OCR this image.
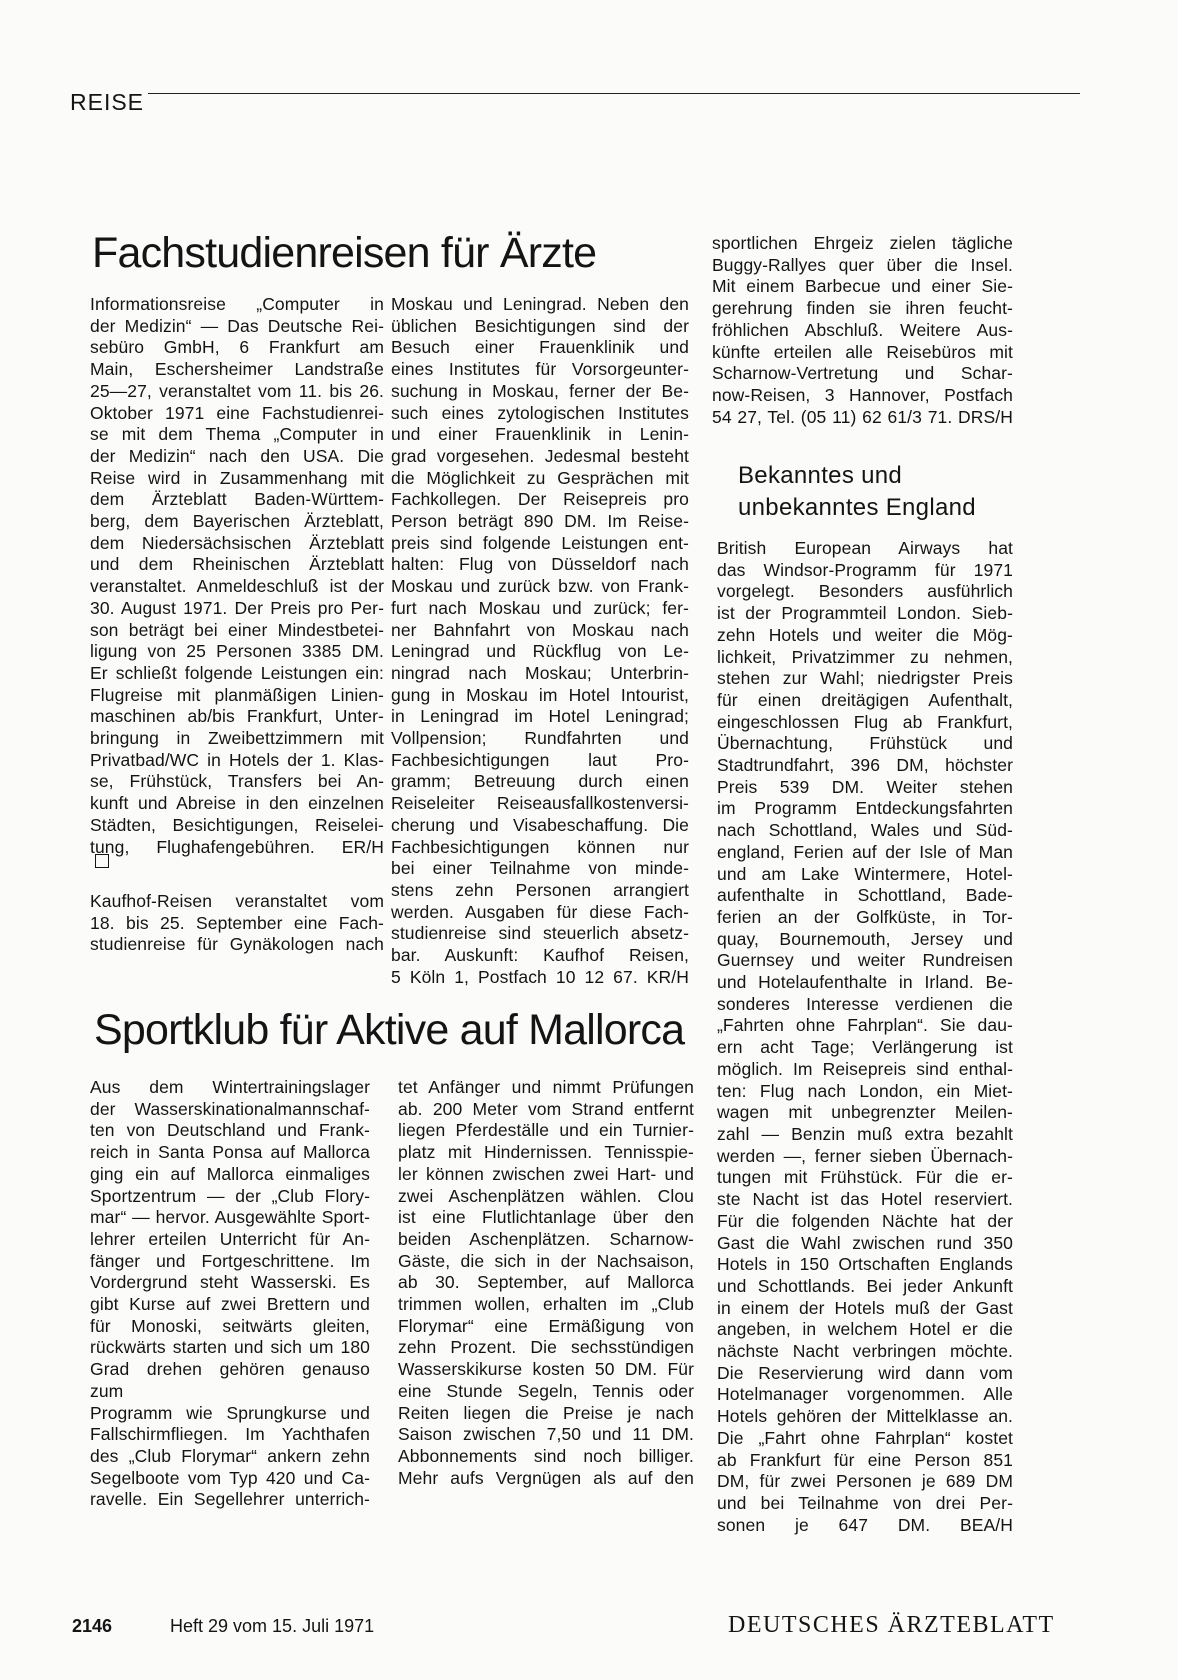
REISE
Fachstudienreisen für Ärzte
Informationsreise „Computer in
der Medizin“ — Das Deutsche Rei-
sebüro GmbH, 6 Frankfurt am
Main, Eschersheimer Landstraße
25—27, veranstaltet vom 11. bis 26.
Oktober 1971 eine Fachstudienrei-
se mit dem Thema „Computer in
der Medizin“ nach den USA. Die
Reise wird in Zusammenhang mit
dem Ärzteblatt Baden-Württem-
berg, dem Bayerischen Ärzteblatt,
dem Niedersächsischen Ärzteblatt
und dem Rheinischen Ärzteblatt
veranstaltet. Anmeldeschluß ist der
30. August 1971. Der Preis pro Per-
son beträgt bei einer Mindestbetei-
ligung von 25 Personen 3385 DM.
Er schließt folgende Leistungen ein:
Flugreise mit planmäßigen Linien-
maschinen ab/bis Frankfurt, Unter-
bringung in Zweibettzimmern mit
Privatbad/WC in Hotels der 1. Klas-
se, Frühstück, Transfers bei An-
kunft und Abreise in den einzelnen
Städten, Besichtigungen, Reiselei-
tung, Flughafengebühren. ER/H
Kaufhof-Reisen veranstaltet vom
18. bis 25. September eine Fach-
studienreise für Gynäkologen nach
Moskau und Leningrad. Neben den
üblichen Besichtigungen sind der
Besuch einer Frauenklinik und
eines Institutes für Vorsorgeunter-
suchung in Moskau, ferner der Be-
such eines zytologischen Institutes
und einer Frauenklinik in Lenin-
grad vorgesehen. Jedesmal besteht
die Möglichkeit zu Gesprächen mit
Fachkollegen. Der Reisepreis pro
Person beträgt 890 DM. Im Reise-
preis sind folgende Leistungen ent-
halten: Flug von Düsseldorf nach
Moskau und zurück bzw. von Frank-
furt nach Moskau und zurück; fer-
ner Bahnfahrt von Moskau nach
Leningrad und Rückflug von Le-
ningrad nach Moskau; Unterbrin-
gung in Moskau im Hotel Intourist,
in Leningrad im Hotel Leningrad;
Vollpension; Rundfahrten und
Fachbesichtigungen laut Pro-
gramm; Betreuung durch einen
Reiseleiter Reiseausfallkostenversi-
cherung und Visabeschaffung. Die
Fachbesichtigungen können nur
bei einer Teilnahme von minde-
stens zehn Personen arrangiert
werden. Ausgaben für diese Fach-
studienreise sind steuerlich absetz-
bar. Auskunft: Kaufhof Reisen,
5 Köln 1, Postfach 10 12 67. KR/H
Sportklub für Aktive auf Mallorca
Aus dem Wintertrainingslager
der Wasserskinationalmannschaf-
ten von Deutschland und Frank-
reich in Santa Ponsa auf Mallorca
ging ein auf Mallorca einmaliges
Sportzentrum — der „Club Flory-
mar“ — hervor. Ausgewählte Sport-
lehrer erteilen Unterricht für An-
fänger und Fortgeschrittene. Im
Vordergrund steht Wasserski. Es
gibt Kurse auf zwei Brettern und
für Monoski, seitwärts gleiten,
rückwärts starten und sich um 180
Grad drehen gehören genauso zum
Programm wie Sprungkurse und
Fallschirmfliegen. Im Yachthafen
des „Club Florymar“ ankern zehn
Segelboote vom Typ 420 und Ca-
ravelle. Ein Segellehrer unterrich-
tet Anfänger und nimmt Prüfungen
ab. 200 Meter vom Strand entfernt
liegen Pferdeställe und ein Turnier-
platz mit Hindernissen. Tennisspie-
ler können zwischen zwei Hart- und
zwei Aschenplätzen wählen. Clou
ist eine Flutlichtanlage über den
beiden Aschenplätzen. Scharnow-
Gäste, die sich in der Nachsaison,
ab 30. September, auf Mallorca
trimmen wollen, erhalten im „Club
Florymar“ eine Ermäßigung von
zehn Prozent. Die sechsstündigen
Wasserskikurse kosten 50 DM. Für
eine Stunde Segeln, Tennis oder
Reiten liegen die Preise je nach
Saison zwischen 7,50 und 11 DM.
Abbonnements sind noch billiger.
Mehr aufs Vergnügen als auf den
sportlichen Ehrgeiz zielen tägliche
Buggy-Rallyes quer über die Insel.
Mit einem Barbecue und einer Sie-
gerehrung finden sie ihren feucht-
fröhlichen Abschluß. Weitere Aus-
künfte erteilen alle Reisebüros mit
Scharnow-Vertretung und Schar-
now-Reisen, 3 Hannover, Postfach
54 27, Tel. (05 11) 62 61/3 71. DRS/H
Bekanntes und
unbekanntes England
British European Airways hat
das Windsor-Programm für 1971
vorgelegt. Besonders ausführlich
ist der Programmteil London. Sieb-
zehn Hotels und weiter die Mög-
lichkeit, Privatzimmer zu nehmen,
stehen zur Wahl; niedrigster Preis
für einen dreitägigen Aufenthalt,
eingeschlossen Flug ab Frankfurt,
Übernachtung, Frühstück und
Stadtrundfahrt, 396 DM, höchster
Preis 539 DM. Weiter stehen
im Programm Entdeckungsfahrten
nach Schottland, Wales und Süd-
england, Ferien auf der Isle of Man
und am Lake Wintermere, Hotel-
aufenthalte in Schottland, Bade-
ferien an der Golfküste, in Tor-
quay, Bournemouth, Jersey und
Guernsey und weiter Rundreisen
und Hotelaufenthalte in Irland. Be-
sonderes Interesse verdienen die
„Fahrten ohne Fahrplan“. Sie dau-
ern acht Tage; Verlängerung ist
möglich. Im Reisepreis sind enthal-
ten: Flug nach London, ein Miet-
wagen mit unbegrenzter Meilen-
zahl — Benzin muß extra bezahlt
werden —, ferner sieben Übernach-
tungen mit Frühstück. Für die er-
ste Nacht ist das Hotel reserviert.
Für die folgenden Nächte hat der
Gast die Wahl zwischen rund 350
Hotels in 150 Ortschaften Englands
und Schottlands. Bei jeder Ankunft
in einem der Hotels muß der Gast
angeben, in welchem Hotel er die
nächste Nacht verbringen möchte.
Die Reservierung wird dann vom
Hotelmanager vorgenommen. Alle
Hotels gehören der Mittelklasse an.
Die „Fahrt ohne Fahrplan“ kostet
ab Frankfurt für eine Person 851
DM, für zwei Personen je 689 DM
und bei Teilnahme von drei Per-
sonen je 647 DM. BEA/H
2146	Heft 29 vom 15. Juli 1971	DEUTSCHES ÄRZTEBLATT
